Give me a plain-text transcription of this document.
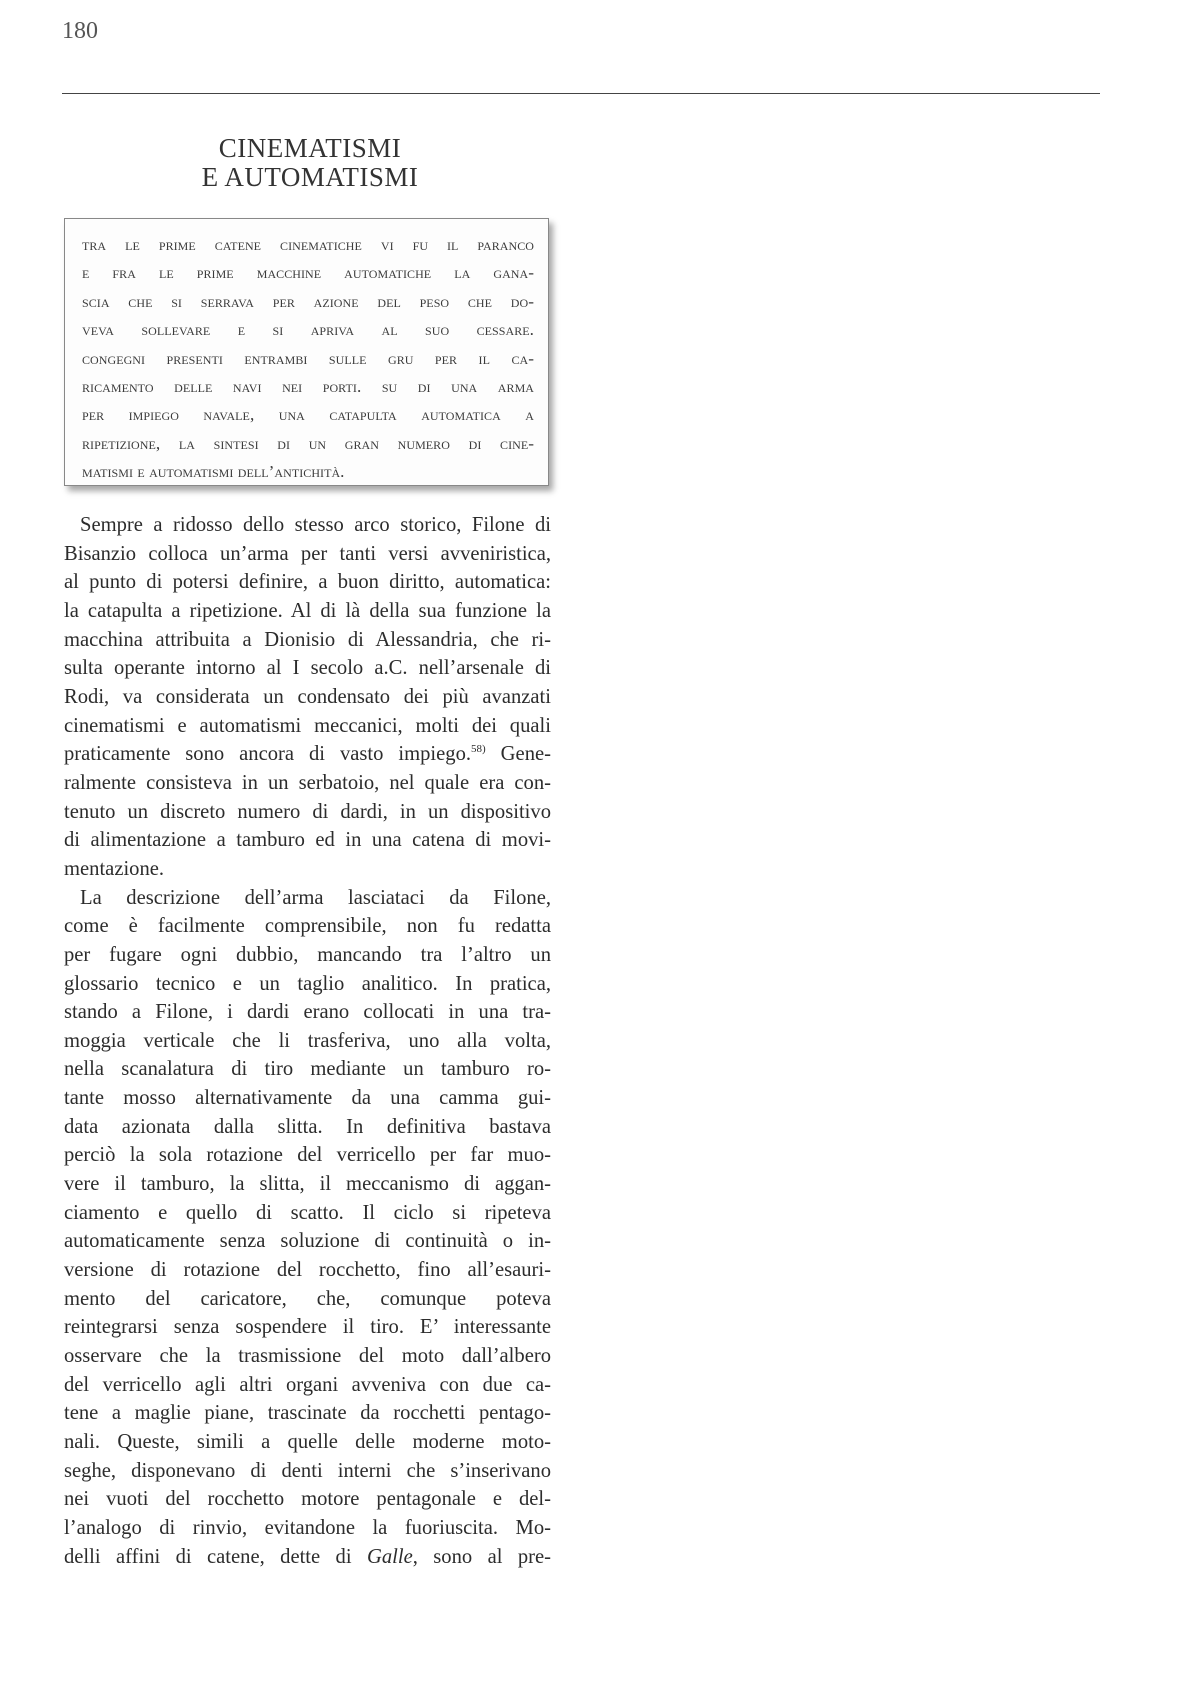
180
CINEMATISMI
E AUTOMATISMI
tra le prime catene cinematiche vi fu il paranco
e fra le prime macchine automatiche la gana-
scia che si serrava per azione del peso che do-
veva sollevare e si apriva al suo cessare.
congegni presenti entrambi sulle gru per il ca-
ricamento delle navi nei porti. su di una arma
per impiego navale, una catapulta automatica a
ripetizione, la sintesi di un gran numero di cine-
matismi e automatismi dell’antichità.
Sempre a ridosso dello stesso arco storico, Filone di
Bisanzio colloca un’arma per tanti versi avveniristica,
al punto di potersi definire, a buon diritto, automatica:
la catapulta a ripetizione. Al di là della sua funzione la
macchina attribuita a Dionisio di Alessandria, che ri-
sulta operante intorno al I secolo a.C. nell’arsenale di
Rodi, va considerata un condensato dei più avanzati
cinematismi e automatismi meccanici, molti dei quali
praticamente sono ancora di vasto impiego.$^{58)}$ Gene-
ralmente consisteva in un serbatoio, nel quale era con-
tenuto un discreto numero di dardi, in un dispositivo
di alimentazione a tamburo ed in una catena di movi-
mentazione.
La descrizione dell’arma lasciataci da Filone,
come è facilmente comprensibile, non fu redatta
per fugare ogni dubbio, mancando tra l’altro un
glossario tecnico e un taglio analitico. In pratica,
stando a Filone, i dardi erano collocati in una tra-
moggia verticale che li trasferiva, uno alla volta,
nella scanalatura di tiro mediante un tamburo ro-
tante mosso alternativamente da una camma gui-
data azionata dalla slitta. In definitiva bastava
perciò la sola rotazione del verricello per far muo-
vere il tamburo, la slitta, il meccanismo di aggan-
ciamento e quello di scatto. Il ciclo si ripeteva
automaticamente senza soluzione di continuità o in-
versione di rotazione del rocchetto, fino all’esauri-
mento del caricatore, che, comunque poteva
reintegrarsi senza sospendere il tiro. E’ interessante
osservare che la trasmissione del moto dall’albero
del verricello agli altri organi avveniva con due ca-
tene a maglie piane, trascinate da rocchetti pentago-
nali. Queste, simili a quelle delle moderne moto-
seghe, disponevano di denti interni che s’inserivano
nei vuoti del rocchetto motore pentagonale e del-
l’analogo di rinvio, evitandone la fuoriuscita. Mo-
delli affini di catene, dette di Galle, sono al pre-
